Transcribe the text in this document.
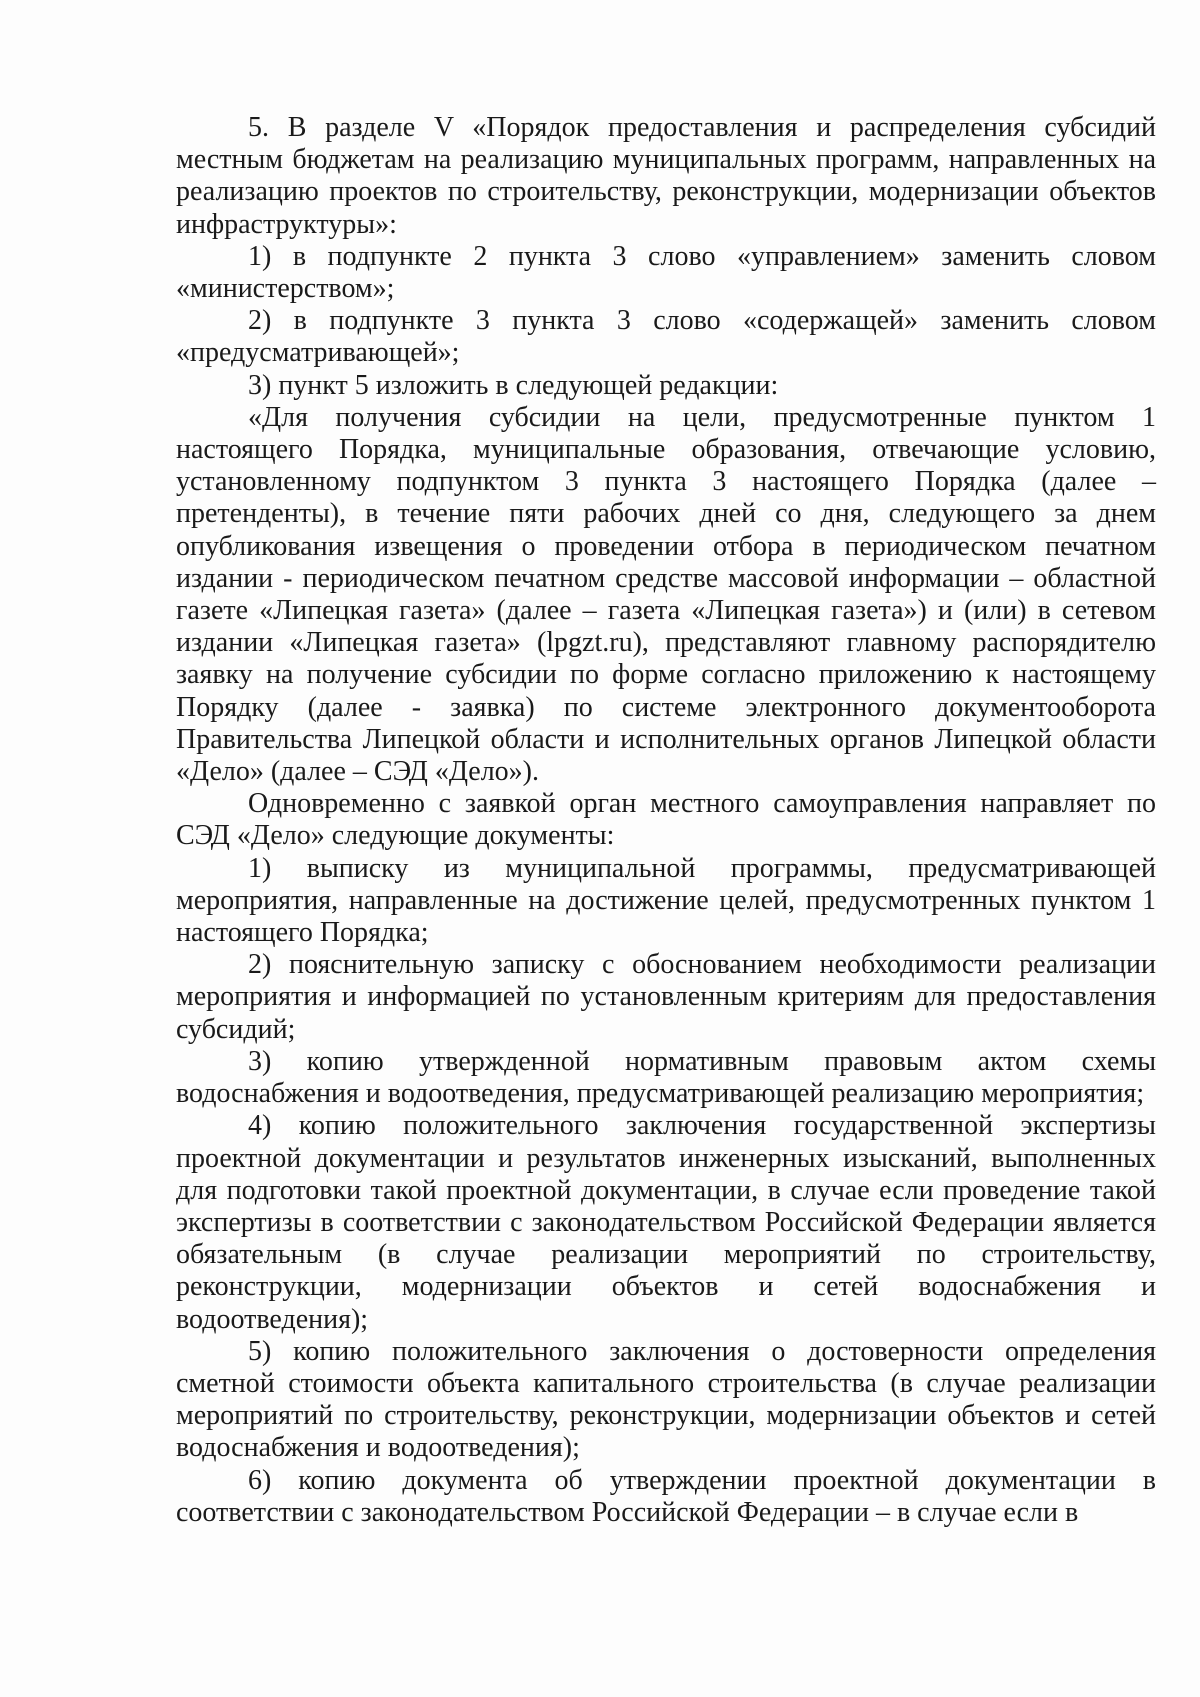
5. В разделе V «Порядок предоставления и распределения субсидий местным бюджетам на реализацию муниципальных программ, направленных на реализацию проектов по строительству, реконструкции, модернизации объектов инфраструктуры»:

1) в подпункте 2 пункта 3 слово «управлением» заменить словом «министерством»;

2) в подпункте 3 пункта 3 слово «содержащей» заменить словом «предусматривающей»;

3) пункт 5 изложить в следующей редакции:

«Для получения субсидии на цели, предусмотренные пунктом 1 настоящего Порядка, муниципальные образования, отвечающие условию, установленному подпунктом 3 пункта 3 настоящего Порядка (далее – претенденты), в течение пяти рабочих дней со дня, следующего за днем опубликования извещения о проведении отбора в периодическом печатном издании - периодическом печатном средстве массовой информации – областной газете «Липецкая газета» (далее – газета «Липецкая газета») и (или) в сетевом издании «Липецкая газета» (lpgzt.ru), представляют главному распорядителю заявку на получение субсидии по форме согласно приложению к настоящему Порядку (далее - заявка) по системе электронного документооборота Правительства Липецкой области и исполнительных органов Липецкой области «Дело» (далее – СЭД «Дело»).

Одновременно с заявкой орган местного самоуправления направляет по СЭД «Дело» следующие документы:

1) выписку из муниципальной программы, предусматривающей мероприятия, направленные на достижение целей, предусмотренных пунктом 1 настоящего Порядка;

2) пояснительную записку с обоснованием необходимости реализации мероприятия и информацией по установленным критериям для предоставления субсидий;

3) копию утвержденной нормативным правовым актом схемы водоснабжения и водоотведения, предусматривающей реализацию мероприятия;

4) копию положительного заключения государственной экспертизы проектной документации и результатов инженерных изысканий, выполненных для подготовки такой проектной документации, в случае если проведение такой экспертизы в соответствии с законодательством Российской Федерации является обязательным (в случае реализации мероприятий по строительству, реконструкции, модернизации объектов и сетей водоснабжения и водоотведения);

5) копию положительного заключения о достоверности определения сметной стоимости объекта капитального строительства (в случае реализации мероприятий по строительству, реконструкции, модернизации объектов и сетей водоснабжения и водоотведения);

6) копию документа об утверждении проектной документации в соответствии с законодательством Российской Федерации – в случае если в
